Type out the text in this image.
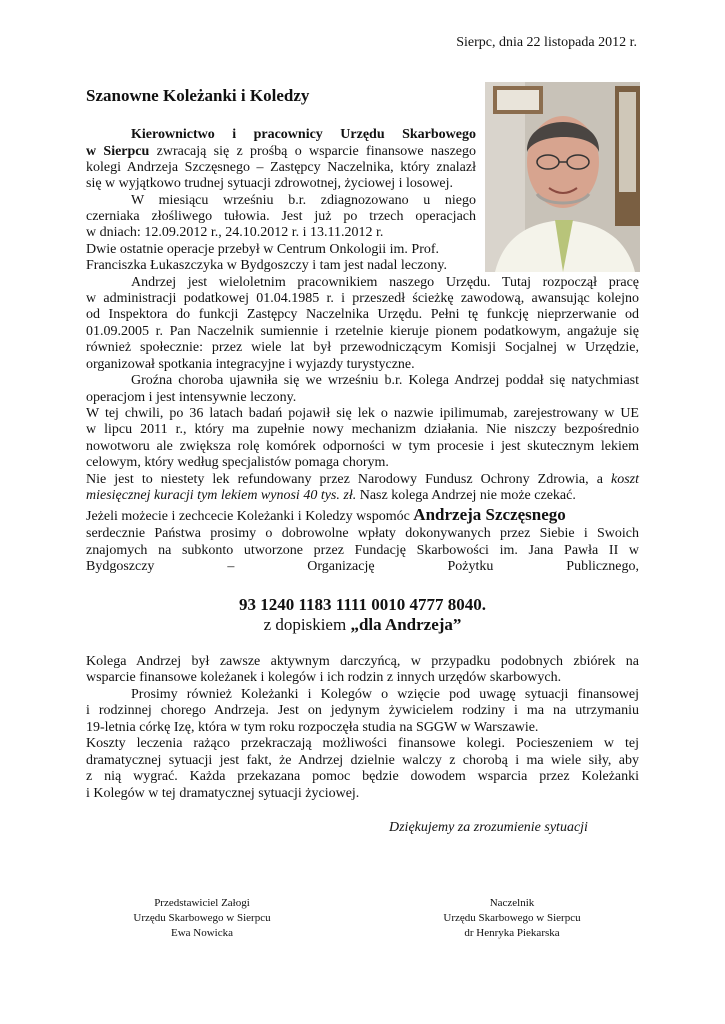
Sierpc, dnia 22 listopada 2012 r.
Szanowne Koleżanki i Koledzy
Kierownictwo i pracownicy Urzędu Skarbowego
w Sierpcu zwracają się z prośbą o wsparcie finansowe naszego
kolegi Andrzeja Szczęsnego – Zastępcy Naczelnika, który znalazł
się w wyjątkowo trudnej sytuacji zdrowotnej, życiowej i losowej.
W miesiącu wrześniu b.r. zdiagnozowano u niego
czerniaka złośliwego tułowia. Jest już po trzech operacjach
w dniach: 12.09.2012 r., 24.10.2012 r. i 13.11.2012 r.
Dwie ostatnie operacje przebył w Centrum Onkologii im. Prof.
Franciszka Łukaszczyka w Bydgoszczy i tam jest nadal leczony.
Andrzej jest wieloletnim pracownikiem naszego Urzędu. Tutaj rozpoczął pracę
w administracji podatkowej 01.04.1985 r. i przeszedł ścieżkę zawodową, awansując kolejno
od Inspektora do funkcji Zastępcy Naczelnika Urzędu. Pełni tę funkcję nieprzerwanie od
01.09.2005 r. Pan Naczelnik sumiennie i rzetelnie kieruje pionem podatkowym, angażuje się
również społecznie: przez wiele lat był przewodniczącym Komisji Socjalnej w Urzędzie,
organizował spotkania integracyjne i wyjazdy turystyczne.
Groźna choroba ujawniła się we wrześniu b.r. Kolega Andrzej poddał się natychmiast
operacjom i jest intensywnie leczony.
W tej chwili, po 36 latach badań pojawił się lek o nazwie ipilimumab, zarejestrowany w UE
w lipcu 2011 r., który ma zupełnie nowy mechanizm działania. Nie niszczy bezpośrednio
nowotworu ale zwiększa rolę komórek odporności w tym procesie i jest skutecznym lekiem
celowym, który według specjalistów pomaga chorym.
Nie jest to niestety lek refundowany przez Narodowy Fundusz Ochrony Zdrowia, a koszt
miesięcznej kuracji tym lekiem wynosi 40 tys. zł. Nasz kolega Andrzej nie może czekać.
Jeżeli możecie i zechcecie Koleżanki i Koledzy wspomóc Andrzeja Szczęsnego
serdecznie Państwa prosimy o dobrowolne wpłaty dokonywanych przez Siebie i Swoich
znajomych na subkonto utworzone przez Fundację Skarbowości im. Jana Pawła II w
Bydgoszczy – Organizację Pożytku Publicznego,
93 1240 1183 1111 0010 4777 8040.
z dopiskiem „dla Andrzeja”
Kolega Andrzej był zawsze aktywnym darczyńcą, w przypadku podobnych zbiórek na
wsparcie finansowe koleżanek i kolegów i ich rodzin z innych urzędów skarbowych.
Prosimy również Koleżanki i Kolegów o wzięcie pod uwagę sytuacji finansowej
i rodzinnej chorego Andrzeja. Jest on jedynym żywicielem rodziny i ma na utrzymaniu
19-letnia córkę Izę, która w tym roku rozpoczęła studia na SGGW w Warszawie.
Koszty leczenia rażąco przekraczają możliwości finansowe kolegi. Pocieszeniem w tej
dramatycznej sytuacji jest fakt, że Andrzej dzielnie walczy z chorobą i ma wiele siły, aby
z nią wygrać. Każda przekazana pomoc będzie dowodem wsparcia przez Koleżanki
i Kolegów w tej dramatycznej sytuacji życiowej.
Dziękujemy za zrozumienie sytuacji
Przedstawiciel Załogi
Urzędu Skarbowego w Sierpcu
Ewa Nowicka
Naczelnik
Urzędu Skarbowego w Sierpcu
dr Henryka Piekarska
